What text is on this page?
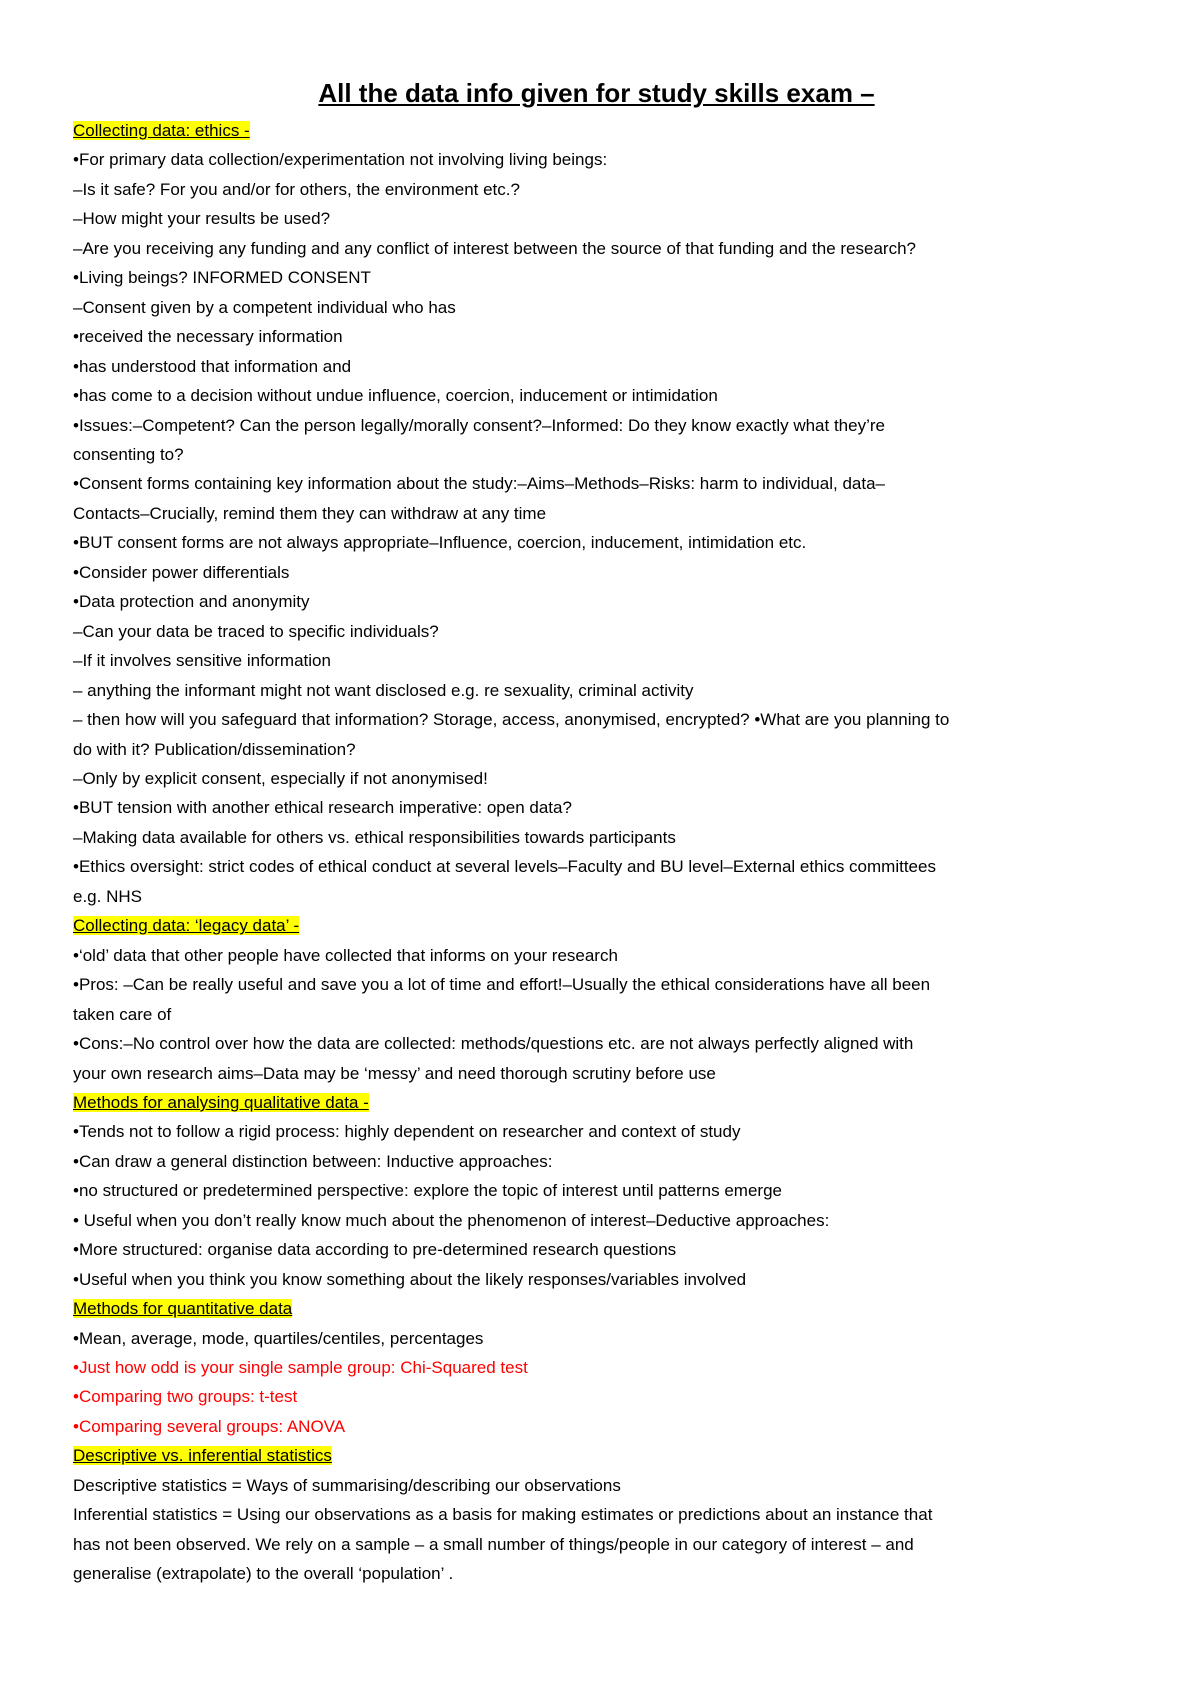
All the data info given for study skills exam –
Collecting data: ethics -
•For primary data collection/experimentation not involving living beings:
–Is it safe? For you and/or for others, the environment etc.?
–How might your results be used?
–Are you receiving any funding and any conflict of interest between the source of that funding and the research?
•Living beings? INFORMED CONSENT
–Consent given by a competent individual who has
•received the necessary information
•has understood that information and
•has come to a decision without undue influence, coercion, inducement or intimidation
•Issues:–Competent? Can the person legally/morally consent?–Informed: Do they know exactly what they’re
consenting to?
•Consent forms containing key information about the study:–Aims–Methods–Risks: harm to individual, data–
Contacts–Crucially, remind them they can withdraw at any time
•BUT consent forms are not always appropriate–Influence, coercion, inducement, intimidation etc.
•Consider power differentials
•Data protection and anonymity
–Can your data be traced to specific individuals?
–If it involves sensitive information
– anything the informant might not want disclosed e.g. re sexuality, criminal activity
– then how will you safeguard that information? Storage, access, anonymised, encrypted? •What are you planning to
do with it? Publication/dissemination?
–Only by explicit consent, especially if not anonymised!
•BUT tension with another ethical research imperative: open data?
–Making data available for others vs. ethical responsibilities towards participants
•Ethics oversight: strict codes of ethical conduct at several levels–Faculty and BU level–External ethics committees
e.g. NHS
Collecting data: ‘legacy data’ -
•‘old’ data that other people have collected that informs on your research
•Pros: –Can be really useful and save you a lot of time and effort!–Usually the ethical considerations have all been
taken care of
•Cons:–No control over how the data are collected: methods/questions etc. are not always perfectly aligned with
your own research aims–Data may be ‘messy’ and need thorough scrutiny before use
Methods for analysing qualitative data -
•Tends not to follow a rigid process: highly dependent on researcher and context of study
•Can draw a general distinction between: Inductive approaches:
•no structured or predetermined perspective: explore the topic of interest until patterns emerge
• Useful when you don’t really know much about the phenomenon of interest–Deductive approaches:
•More structured: organise data according to pre-determined research questions
•Useful when you think you know something about the likely responses/variables involved
Methods for quantitative data
•Mean, average, mode, quartiles/centiles, percentages
•Just how odd is your single sample group: Chi-Squared test
•Comparing two groups: t-test
•Comparing several groups: ANOVA
Descriptive vs. inferential statistics
Descriptive statistics = Ways of summarising/describing our observations
Inferential statistics = Using our observations as a basis for making estimates or predictions about an instance that
has not been observed. We rely on a sample – a small number of things/people in our category of interest – and
generalise (extrapolate) to the overall ‘population’ .
